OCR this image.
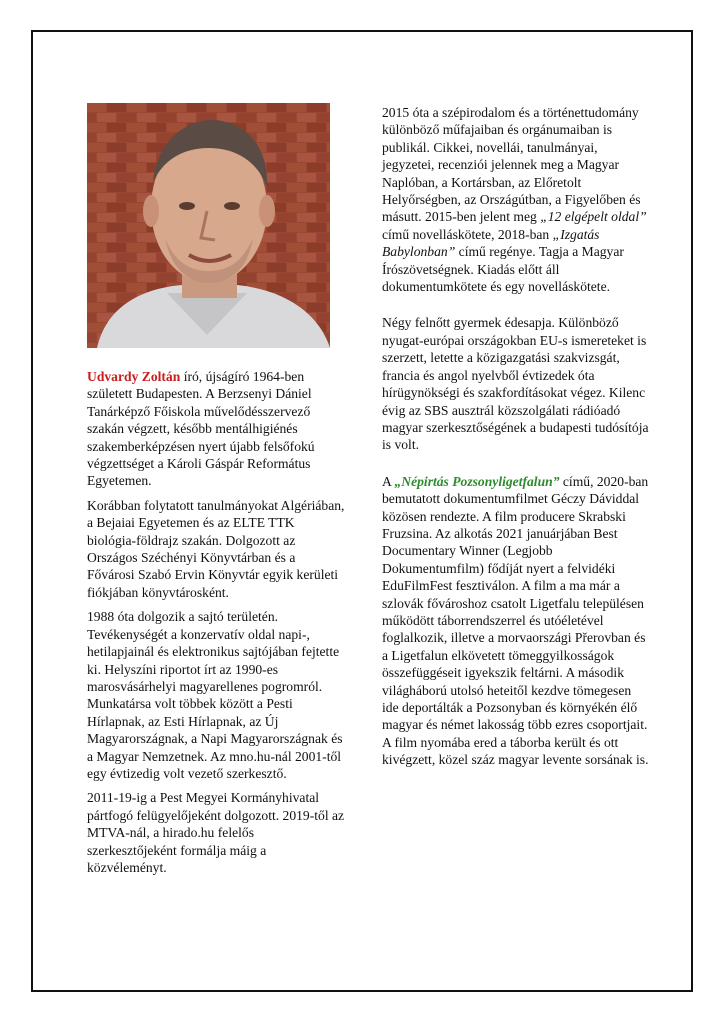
Udvardy Zoltán író, újságíró 1964-ben született Budapesten. A Berzsenyi Dániel Tanárképző Főiskola művelődésszervező szakán végzett, később mentálhigiénés szakemberképzésen nyert újabb felsőfokú végzettséget a Károli Gáspár Református Egyetemen.

Korábban folytatott tanulmányokat Algériában, a Bejaiai Egyetemen és az ELTE TTK biológia-földrajz szakán. Dolgozott az Országos Széchényi Könyvtárban és a Fővárosi Szabó Ervin Könyvtár egyik kerületi fiókjában könyvtárosként.

1988 óta dolgozik a sajtó területén. Tevékenységét a konzervatív oldal napi-, hetilapjainál és elektronikus sajtójában fejtette ki. Helyszíni riportot írt az 1990-es marosvásárhelyi magyarellenes pogromról. Munkatársa volt többek között a Pesti Hírlapnak, az Esti Hírlapnak, az Új Magyarországnak, a Napi Magyarországnak és a Magyar Nemzetnek. Az mno.hu-nál 2001-től egy évtizedig volt vezető szerkesztő.

2011-19-ig a Pest Megyei Kormányhivatal pártfogó felügyelőjeként dolgozott. 2019-től az MTVA-nál, a hirado.hu felelős szerkesztőjeként formálja máig a közvéleményt.

2015 óta a szépirodalom és a történettudomány különböző műfajaiban és orgánumaiban is publikál. Cikkei, novellái, tanulmányai, jegyzetei, recenziói jelennek meg a Magyar Naplóban, a Kortársban, az Előretolt Helyőrségben, az Országútban, a Figyelőben és másutt. 2015-ben jelent meg „12 elgépelt oldal” című novelláskötete, 2018-ban „Izgatás Babylonban” című regénye. Tagja a Magyar Írószövetségnek. Kiadás előtt áll dokumentumkötete és egy novelláskötete.

Négy felnőtt gyermek édesapja. Különböző nyugat-európai országokban EU-s ismereteket is szerzett, letette a közigazgatási szakvizsgát, francia és angol nyelvből évtizedek óta hírügynökségi és szakfordításokat végez. Kilenc évig az SBS ausztrál közszolgálati rádióadó magyar szerkesztőségének a budapesti tudósítója is volt.

A „Népirtás Pozsonyligetfalun” című, 2020-ban bemutatott dokumentumfilmet Géczy Dáviddal közösen rendezte. A film producere Skrabski Fruzsina. Az alkotás 2021 januárjában Best Documentary Winner (Legjobb Dokumentumfilm) fődíját nyert a felvidéki EduFilmFest fesztiválon. A film a ma már a szlovák fővároshoz csatolt Ligetfalu településen működött táborrendszerrel és utóéletével foglalkozik, illetve a morvaországi Přerovban és a Ligetfalun elkövetett tömeggyilkosságok összefüggéseit igyekszik feltárni. A második világháború utolsó heteitől kezdve tömegesen ide deportálták a Pozsonyban és környékén élő magyar és német lakosság több ezres csoportjait. A film nyomába ered a táborba került és ott kivégzett, közel száz magyar levente sorsának is.
